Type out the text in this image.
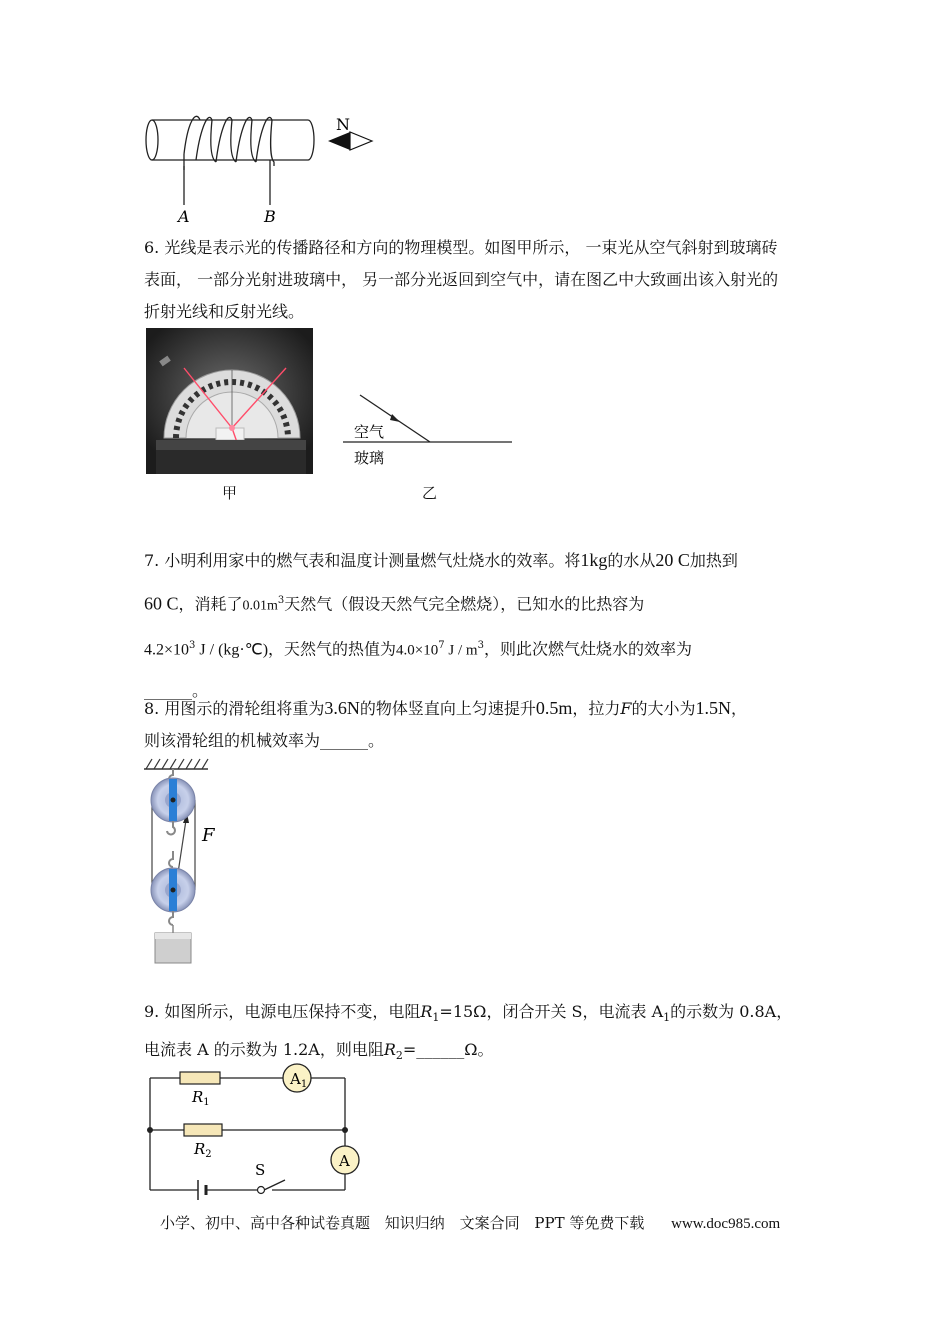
N
A	B
6. 光线是表示光的传播路径和方向的物理模型。如图甲所示， 一束光从空气斜射到玻璃砖
表面， 一部分光射进玻璃中， 另一部分光返回到空气中，请在图乙中大致画出该入射光的
折射光线和反射光线。
甲
空气
玻璃
乙
7. 小明利用家中的燃气表和温度计测量燃气灶烧水的效率。将1kg的水从20 C加热到
60 C，消耗了$0.01m^3$天然气（假设天然气完全燃烧），已知水的比热容为
$4.2\times 10^3$ J / (kg·℃)，天然气的热值为$4.0\times 10^7$ J / $m^3$，则此次燃气灶烧水的效率为
______。
8. 用图示的滑轮组将重为3.6N的物体竖直向上匀速提升0.5m，拉力F的大小为1.5N，
则该滑轮组的机械效率为______。
F
9. 如图所示，电源电压保持不变，电阻$R_1=15\Omega$，闭合开关 S，电流表 $A_1$的示数为 0.8A，
电流表 A 的示数为 1.2A，则电阻$R_2=\_\_\_\_\_\_\Omega$。
$A_1$
A
$R_1$
$R_2$
S
小学、初中、高中各种试卷真题 知识归纳 文案合同 PPT 等免费下载 www.doc985.com
